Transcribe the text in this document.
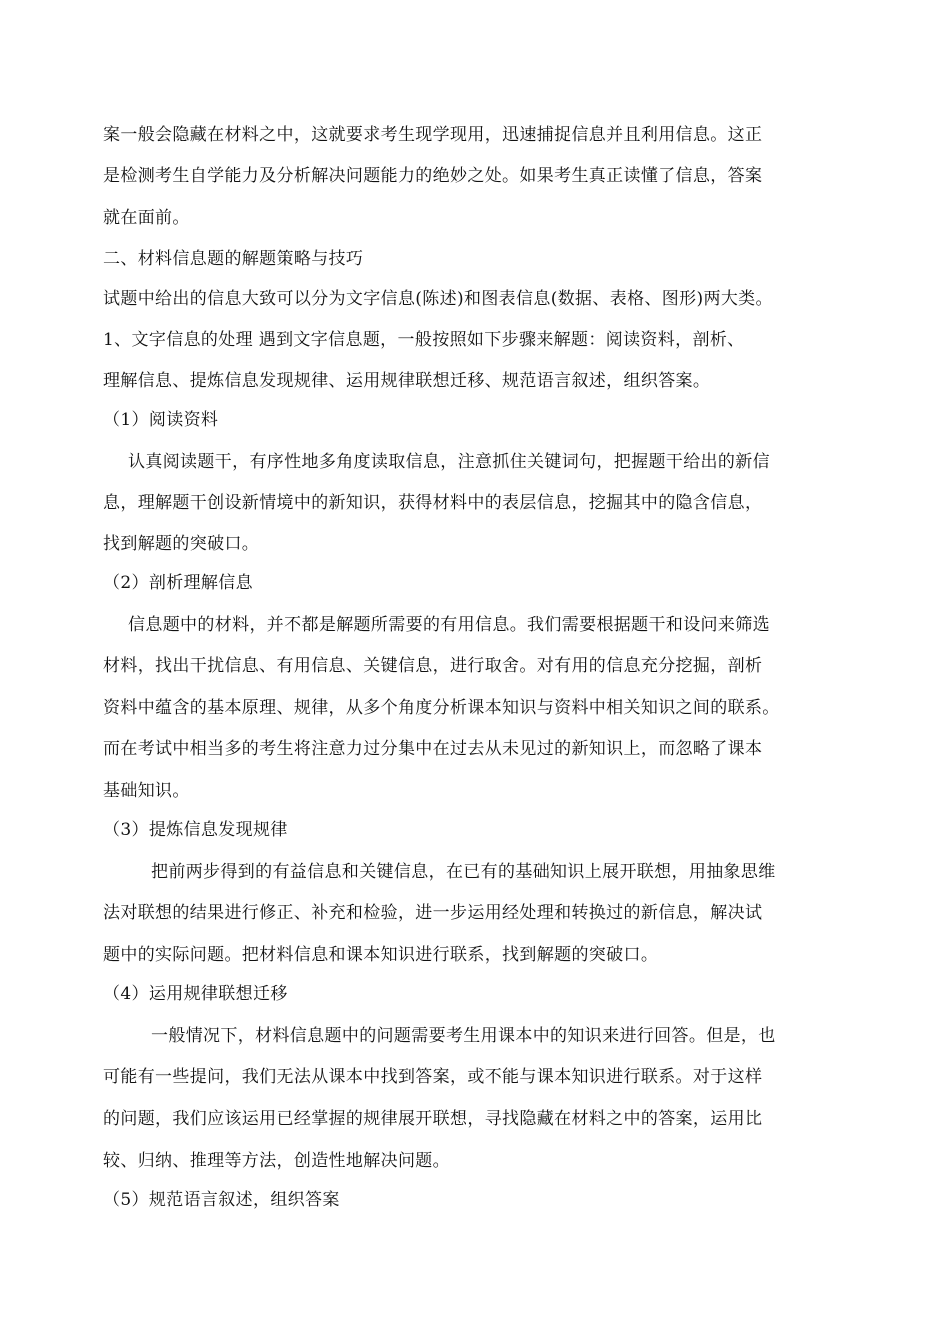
案一般会隐藏在材料之中，这就要求考生现学现用，迅速捕捉信息并且利用信息。这正
是检测考生自学能力及分析解决问题能力的绝妙之处。如果考生真正读懂了信息，答案
就在面前。
二、材料信息题的解题策略与技巧
试题中给出的信息大致可以分为文字信息(陈述)和图表信息(数据、表格、图形)两大类。
1、文字信息的处理 遇到文字信息题，一般按照如下步骤来解题：阅读资料，剖析、
理解信息、提炼信息发现规律、运用规律联想迁移、规范语言叙述，组织答案。
（1）阅读资料
认真阅读题干，有序性地多角度读取信息，注意抓住关键词句，把握题干给出的新信
息，理解题干创设新情境中的新知识，获得材料中的表层信息，挖掘其中的隐含信息，
找到解题的突破口。
（2）剖析理解信息
信息题中的材料，并不都是解题所需要的有用信息。我们需要根据题干和设问来筛选
材料，找出干扰信息、有用信息、关键信息，进行取舍。对有用的信息充分挖掘，剖析
资料中蕴含的基本原理、规律，从多个角度分析课本知识与资料中相关知识之间的联系。
而在考试中相当多的考生将注意力过分集中在过去从未见过的新知识上，而忽略了课本
基础知识。
（3）提炼信息发现规律
把前两步得到的有益信息和关键信息，在已有的基础知识上展开联想，用抽象思维
法对联想的结果进行修正、补充和检验，进一步运用经处理和转换过的新信息，解决试
题中的实际问题。把材料信息和课本知识进行联系，找到解题的突破口。
（4）运用规律联想迁移
一般情况下，材料信息题中的问题需要考生用课本中的知识来进行回答。但是，也
可能有一些提问，我们无法从课本中找到答案，或不能与课本知识进行联系。对于这样
的问题，我们应该运用已经掌握的规律展开联想，寻找隐藏在材料之中的答案，运用比
较、归纳、推理等方法，创造性地解决问题。
（5）规范语言叙述，组织答案
